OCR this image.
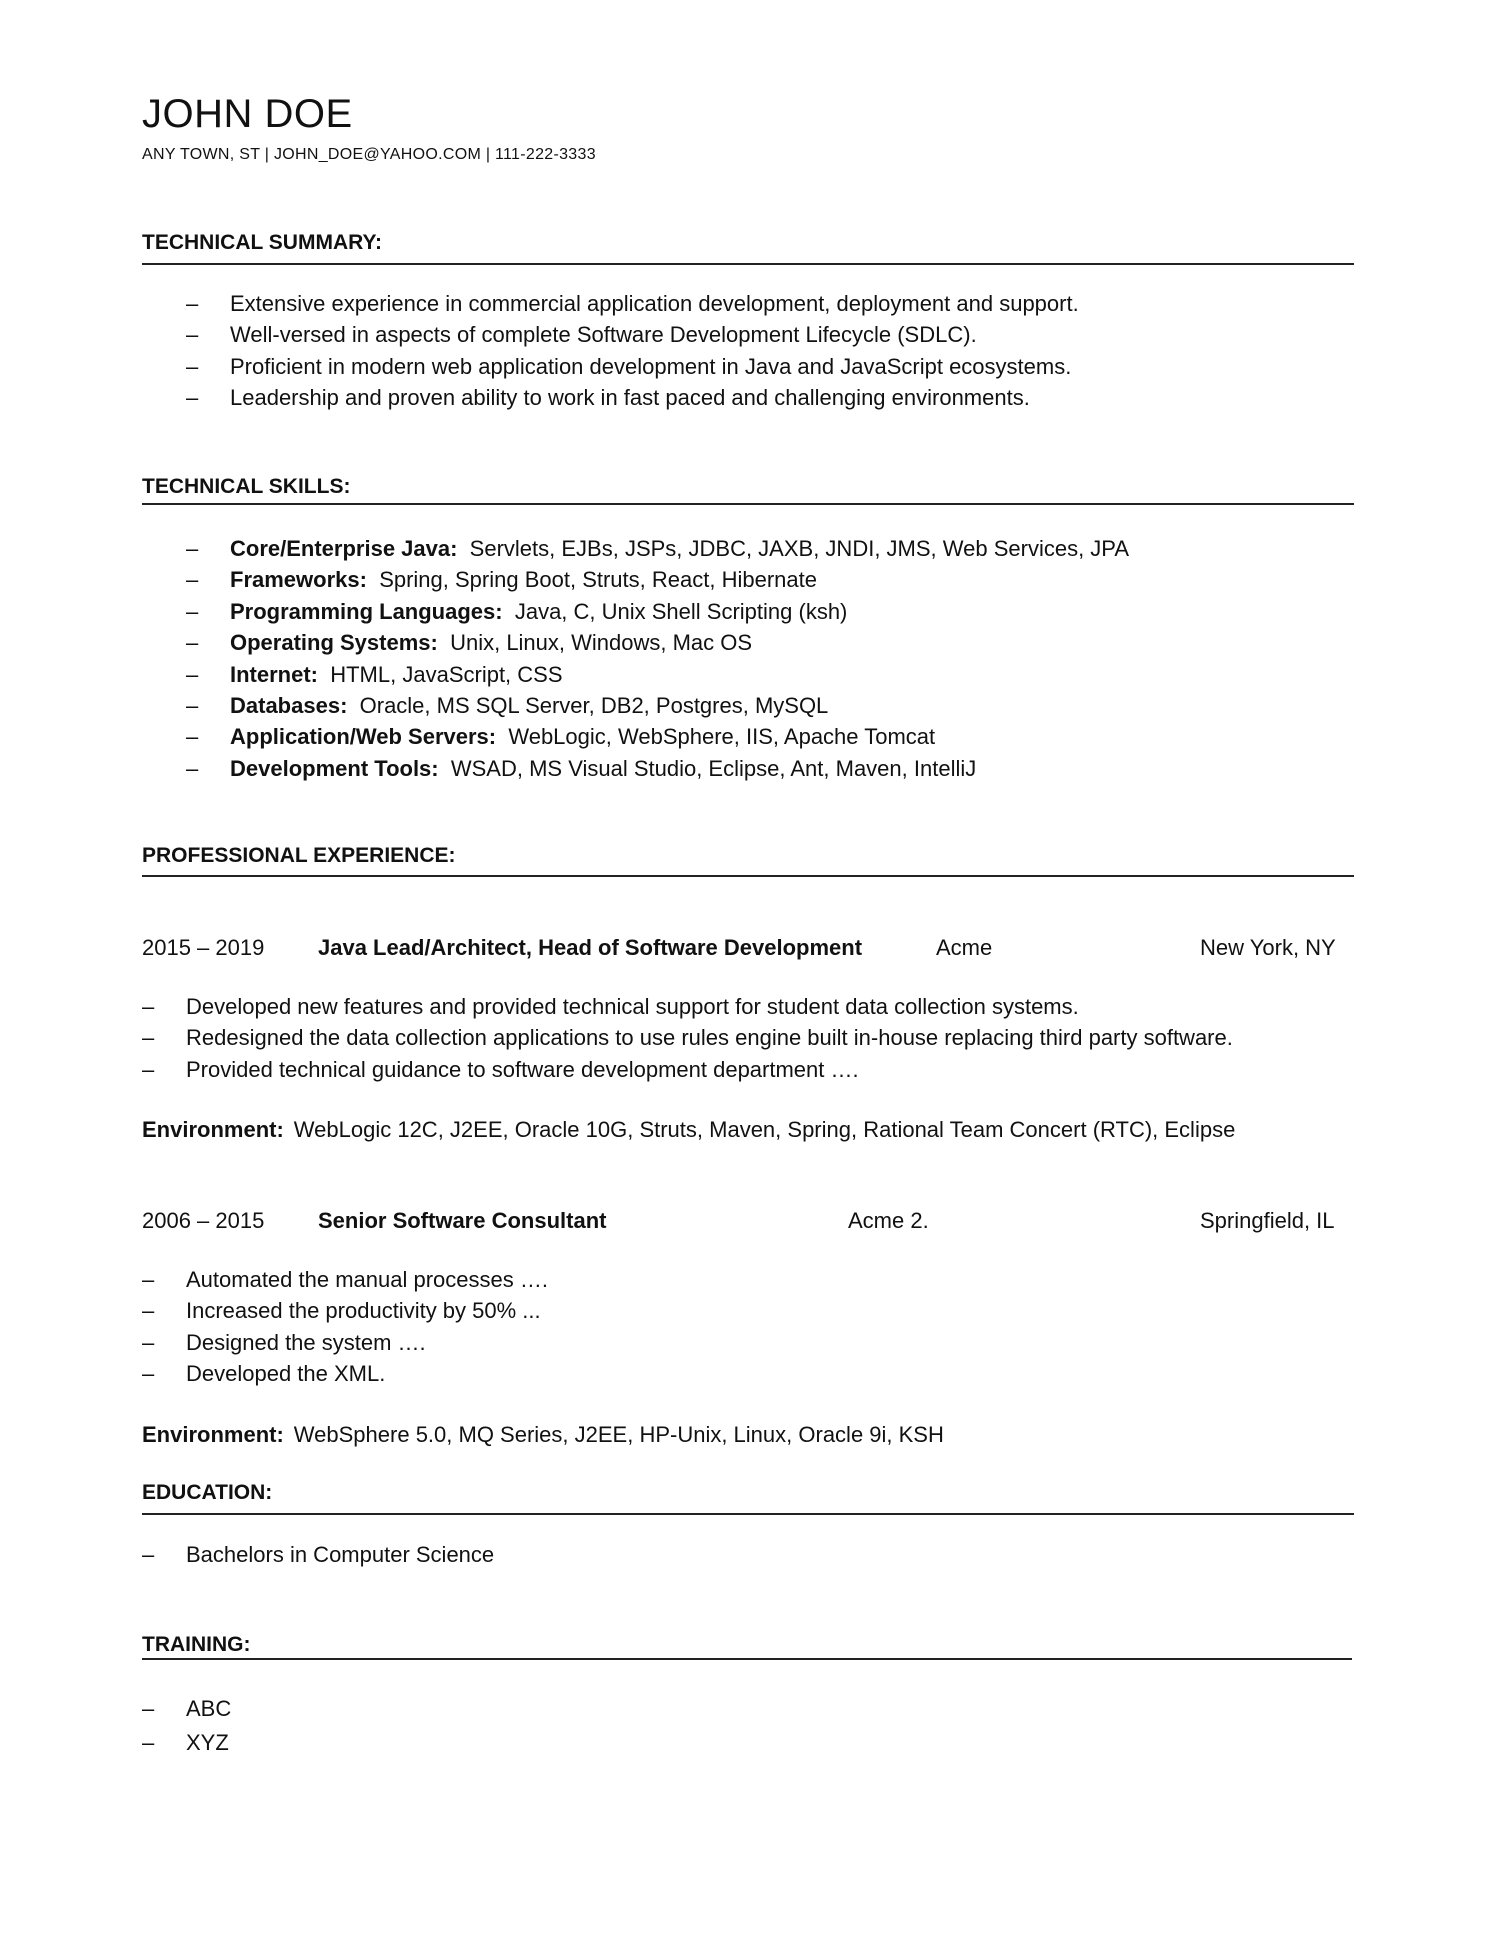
JOHN DOE
ANY TOWN, ST | JOHN_DOE@YAHOO.COM | 111-222-3333
TECHNICAL SUMMARY:
– Extensive experience in commercial application development, deployment and support.
– Well-versed in aspects of complete Software Development Lifecycle (SDLC).
– Proficient in modern web application development in Java and JavaScript ecosystems.
– Leadership and proven ability to work in fast paced and challenging environments.
TECHNICAL SKILLS:
– Core/Enterprise Java: Servlets, EJBs, JSPs, JDBC, JAXB, JNDI, JMS, Web Services, JPA
– Frameworks: Spring, Spring Boot, Struts, React, Hibernate
– Programming Languages: Java, C, Unix Shell Scripting (ksh)
– Operating Systems: Unix, Linux, Windows, Mac OS
– Internet: HTML, JavaScript, CSS
– Databases: Oracle, MS SQL Server, DB2, Postgres, MySQL
– Application/Web Servers: WebLogic, WebSphere, IIS, Apache Tomcat
– Development Tools: WSAD, MS Visual Studio, Eclipse, Ant, Maven, IntelliJ
PROFESSIONAL EXPERIENCE:
2015 – 2019 Java Lead/Architect, Head of Software Development	Acme	New York, NY
– Developed new features and provided technical support for student data collection systems.
– Redesigned the data collection applications to use rules engine built in-house replacing third party software.
– Provided technical guidance to software development department ….
Environment: WebLogic 12C, J2EE, Oracle 10G, Struts, Maven, Spring, Rational Team Concert (RTC), Eclipse
2006 – 2015 Senior Software Consultant	Acme 2.	Springfield, IL
– Automated the manual processes ….
– Increased the productivity by 50% ...
– Designed the system ….
– Developed the XML.
Environment: WebSphere 5.0, MQ Series, J2EE, HP-Unix, Linux, Oracle 9i, KSH
EDUCATION:
– Bachelors in Computer Science
TRAINING:
– ABC
– XYZ
